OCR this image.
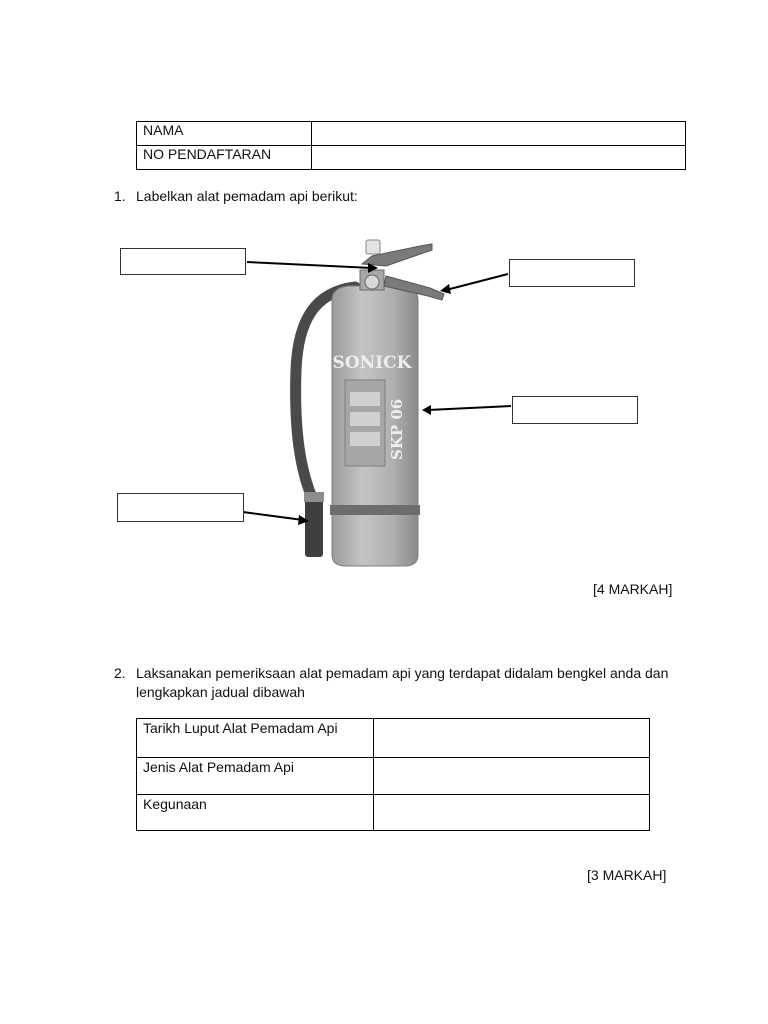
NAMA	
NO PENDAFTARAN	
1. Labelkan alat pemadam api berikut:
SONICK
SKP 06
[4 MARKAH]
2. Laksanakan pemeriksaan alat pemadam api yang terdapat didalam bengkel anda dan lengkapkan jadual dibawah
Tarikh Luput Alat Pemadam Api	
Jenis Alat Pemadam Api	
Kegunaan	
[3 MARKAH]
